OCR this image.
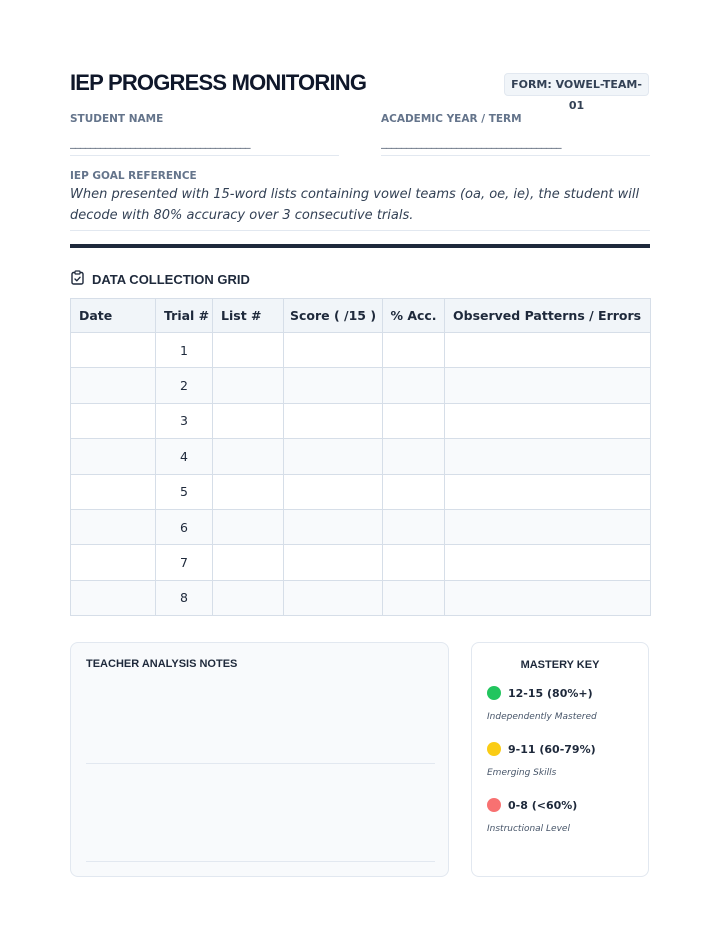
IEP PROGRESS MONITORING	FORM: VOWEL-TEAM-01
STUDENT NAME
____________________________________
ACADEMIC YEAR / TERM
____________________________________
IEP GOAL REFERENCE
When presented with 15-word lists containing vowel teams (oa, oe, ie), the student will decode with 80% accuracy over 3 consecutive trials.
DATA COLLECTION GRID
Date	Trial #	List #	Score ( /15 )	% Acc.	Observed Patterns / Errors
	1				
	2				
	3				
	4				
	5				
	6				
	7				
	8				
TEACHER ANALYSIS NOTES	MASTERY KEY
12-15 (80%+)
Independently Mastered
9-11 (60-79%)
Emerging Skills
0-8 (<60%)
Instructional Level
